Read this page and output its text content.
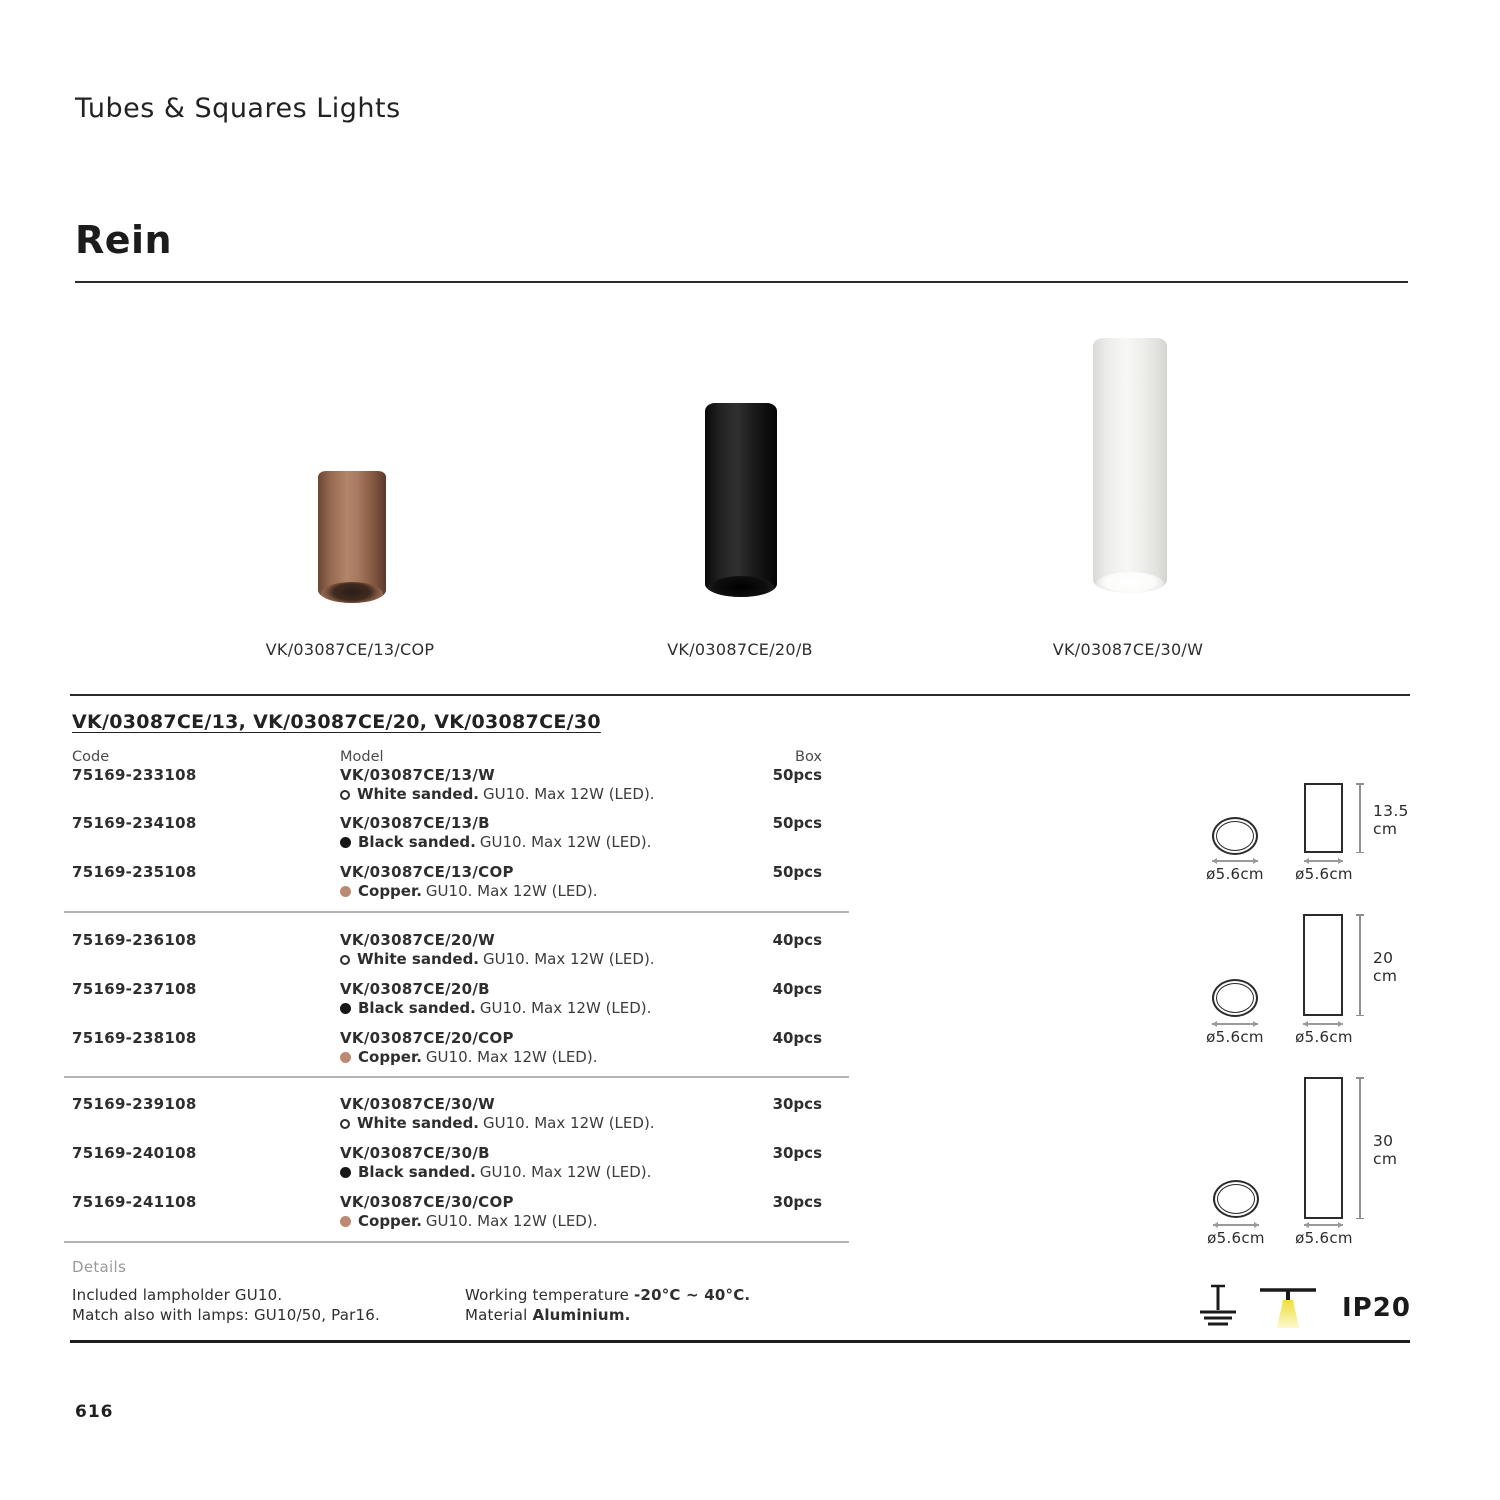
Tubes & Squares Lights
Rein
VK/03087CE/13/COP	VK/03087CE/20/B	VK/03087CE/30/W
VK/03087CE/13, VK/03087CE/20, VK/03087CE/30
Code	Model	Box
75169-233108	VK/03087CE/13/W	50pcs
White sanded. GU10. Max 12W (LED).
75169-234108	VK/03087CE/13/B	50pcs
Black sanded. GU10. Max 12W (LED).
75169-235108	VK/03087CE/13/COP	50pcs
Copper. GU10. Max 12W (LED).
75169-236108	VK/03087CE/20/W	40pcs
White sanded. GU10. Max 12W (LED).
75169-237108	VK/03087CE/20/B	40pcs
Black sanded. GU10. Max 12W (LED).
75169-238108	VK/03087CE/20/COP	40pcs
Copper. GU10. Max 12W (LED).
75169-239108	VK/03087CE/30/W	30pcs
White sanded. GU10. Max 12W (LED).
75169-240108	VK/03087CE/30/B	30pcs
Black sanded. GU10. Max 12W (LED).
75169-241108	VK/03087CE/30/COP	30pcs
Copper. GU10. Max 12W (LED).
13.5
cm
ø5.6cm	ø5.6cm
20
cm
ø5.6cm	ø5.6cm
30
cm
ø5.6cm	ø5.6cm
Details
Included lampholder GU10.
Match also with lamps: GU10/50, Par16.
Working temperature -20°C ~ 40°C.
Material Aluminium.	IP20
616
